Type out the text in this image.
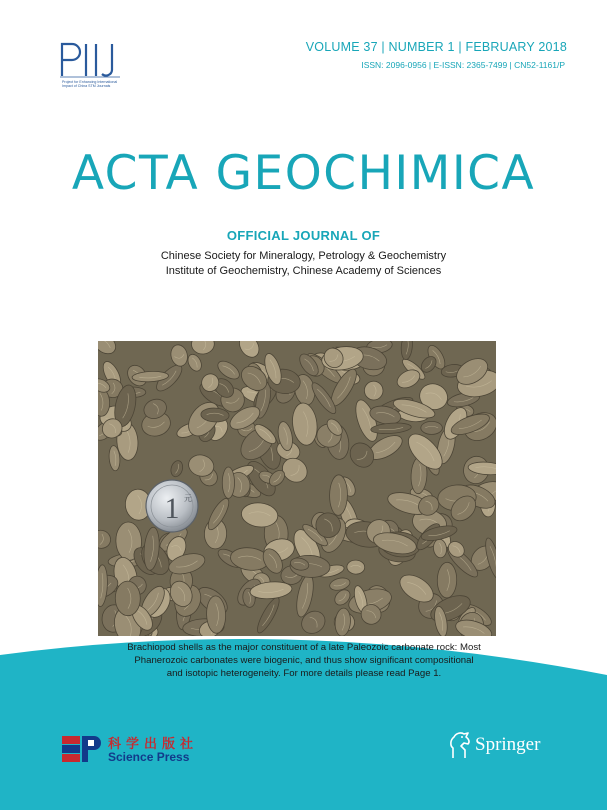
Project for Enhancing International
Impact of China STM Journals
VOLUME 37 | NUMBER 1 | FEBRUARY 2018
ISSN: 2096-0956 | E-ISSN: 2365-7499 | CN52-1161/P
ACTA GEOCHIMICA
OFFICIAL JOURNAL OF
Chinese Society for Mineralogy, Petrology & Geochemistry
Institute of Geochemistry, Chinese Academy of Sciences
1 元
Brachiopod shells as the major constituent of a late Paleozoic carbonate rock: Most
Phanerozoic carbonates were biogenic, and thus show significant compositional
and isotopic heterogeneity. For more details please read Page 1.
科学出版社
Science Press
Springer
